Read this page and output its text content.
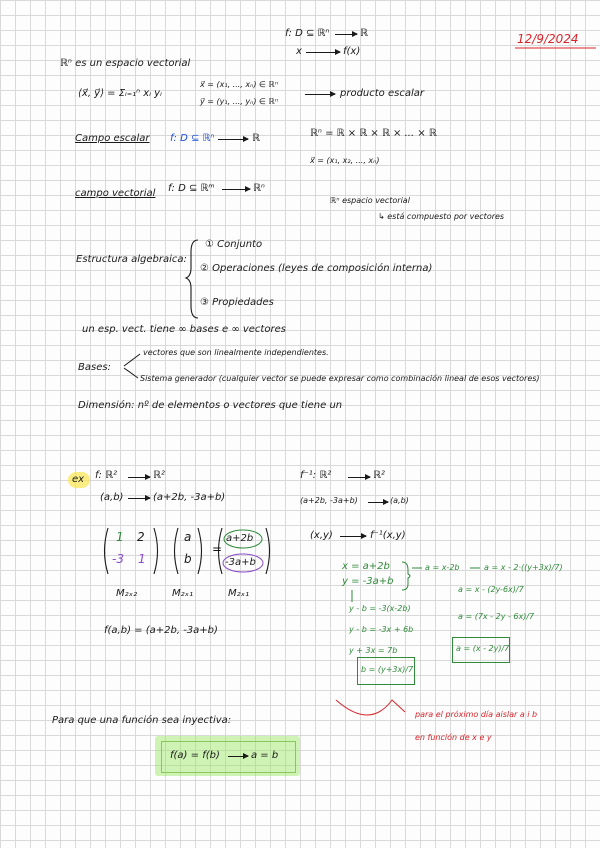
12/9/2024
f: D ⊆ ℝⁿ	ℝ
x	f(x)
ℝⁿ es un espacio vectorial
⟨x⃗, y⃗⟩ = Σᵢ₌₁ⁿ xᵢ yᵢ
x⃗ = (x₁, ..., xₙ) ∈ ℝⁿ
y⃗ = (y₁, ..., yₙ) ∈ ℝⁿ
producto escalar
Campo escalar f: D ⊆ ℝⁿ	ℝ	ℝⁿ = ℝ × ℝ × ℝ × ... × ℝ
x⃗ = (x₁, x₂, ..., xₙ)
campo vectorial f: D ⊆ ℝᵐ	ℝⁿ
ℝⁿ espacio vectorial
↳ está compuesto por vectores
Estructura algebraica:
① Conjunto
② Operaciones (leyes de composición interna)
③ Propiedades
un esp. vect. tiene ∞ bases e ∞ vectores
Bases:
vectores que son linealmente independientes.
Sistema generador (cualquier vector se puede expresar como combinación lineal de esos vectores)
Dimensión: nº de elementos o vectores que tiene un
ex f: ℝ²	ℝ²
(a,b)	(a+2b, -3a+b)
1 2
-3 1
a
b
=
a+2b
-3a+b
M₂ₓ₂	M₂ₓ₁	M₂ₓ₁
f(a,b) = (a+2b, -3a+b)
f⁻¹: ℝ²	ℝ²
(a+2b, -3a+b)	(a,b)
(x,y)	f⁻¹(x,y)
x = a+2b
y = -3a+b
a = x-2b	a = x - 2·((y+3x)/7)
a = x - (2y-6x)/7
a = (7x - 2y - 6x)/7
y - b = -3(x-2b)
y - b = -3x + 6b
y + 3x = 7b
b = (y+3x)/7
a = (x - 2y)/7
Para que una función sea inyectiva:
f(a) = f(b)	a = b
para el próximo día aislar a i b
en función de x e y
